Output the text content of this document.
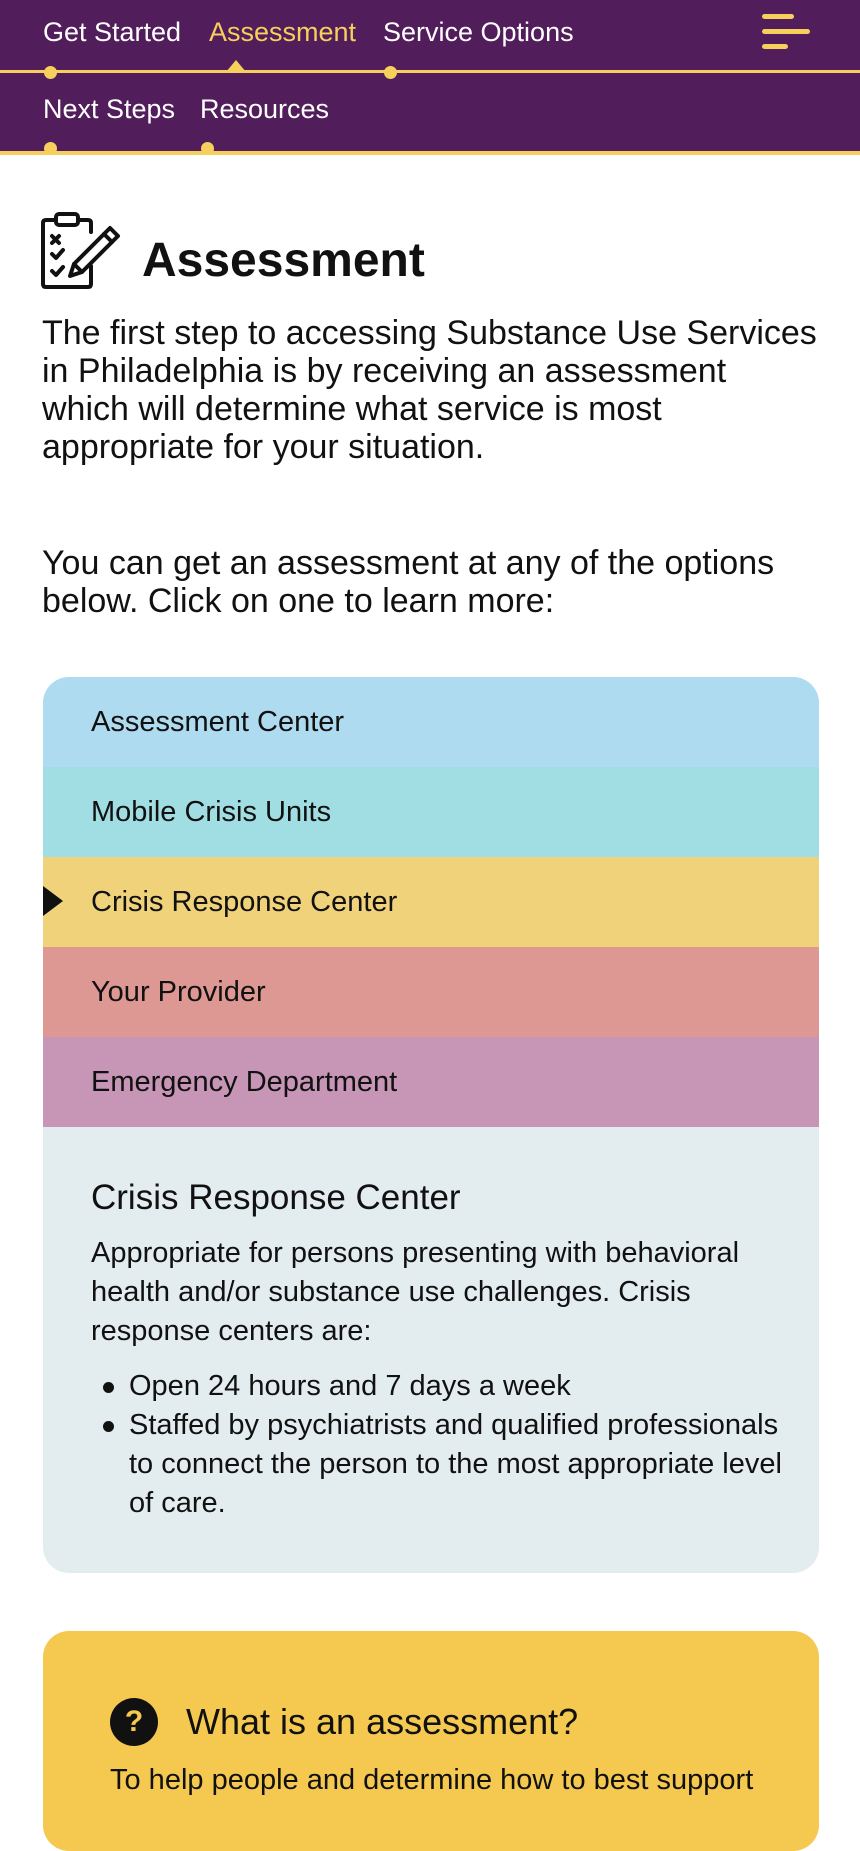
Get Started Assessment Service Options
Next Steps Resources
Assessment

The first step to accessing Substance Use Services in Philadelphia is by receiving an assessment which will determine what service is most appropriate for your situation.

You can get an assessment at any of the options below. Click on one to learn more:

Assessment Center
Mobile Crisis Units
Crisis Response Center
Your Provider
Emergency Department
Crisis Response Center

Appropriate for persons presenting with behavioral health and/or substance use challenges. Crisis response centers are:

Open 24 hours and 7 days a week
Staffed by psychiatrists and qualified professionals to connect the person to the most appropriate level of care.
?	What is an assessment?

To help people and determine how to best support
